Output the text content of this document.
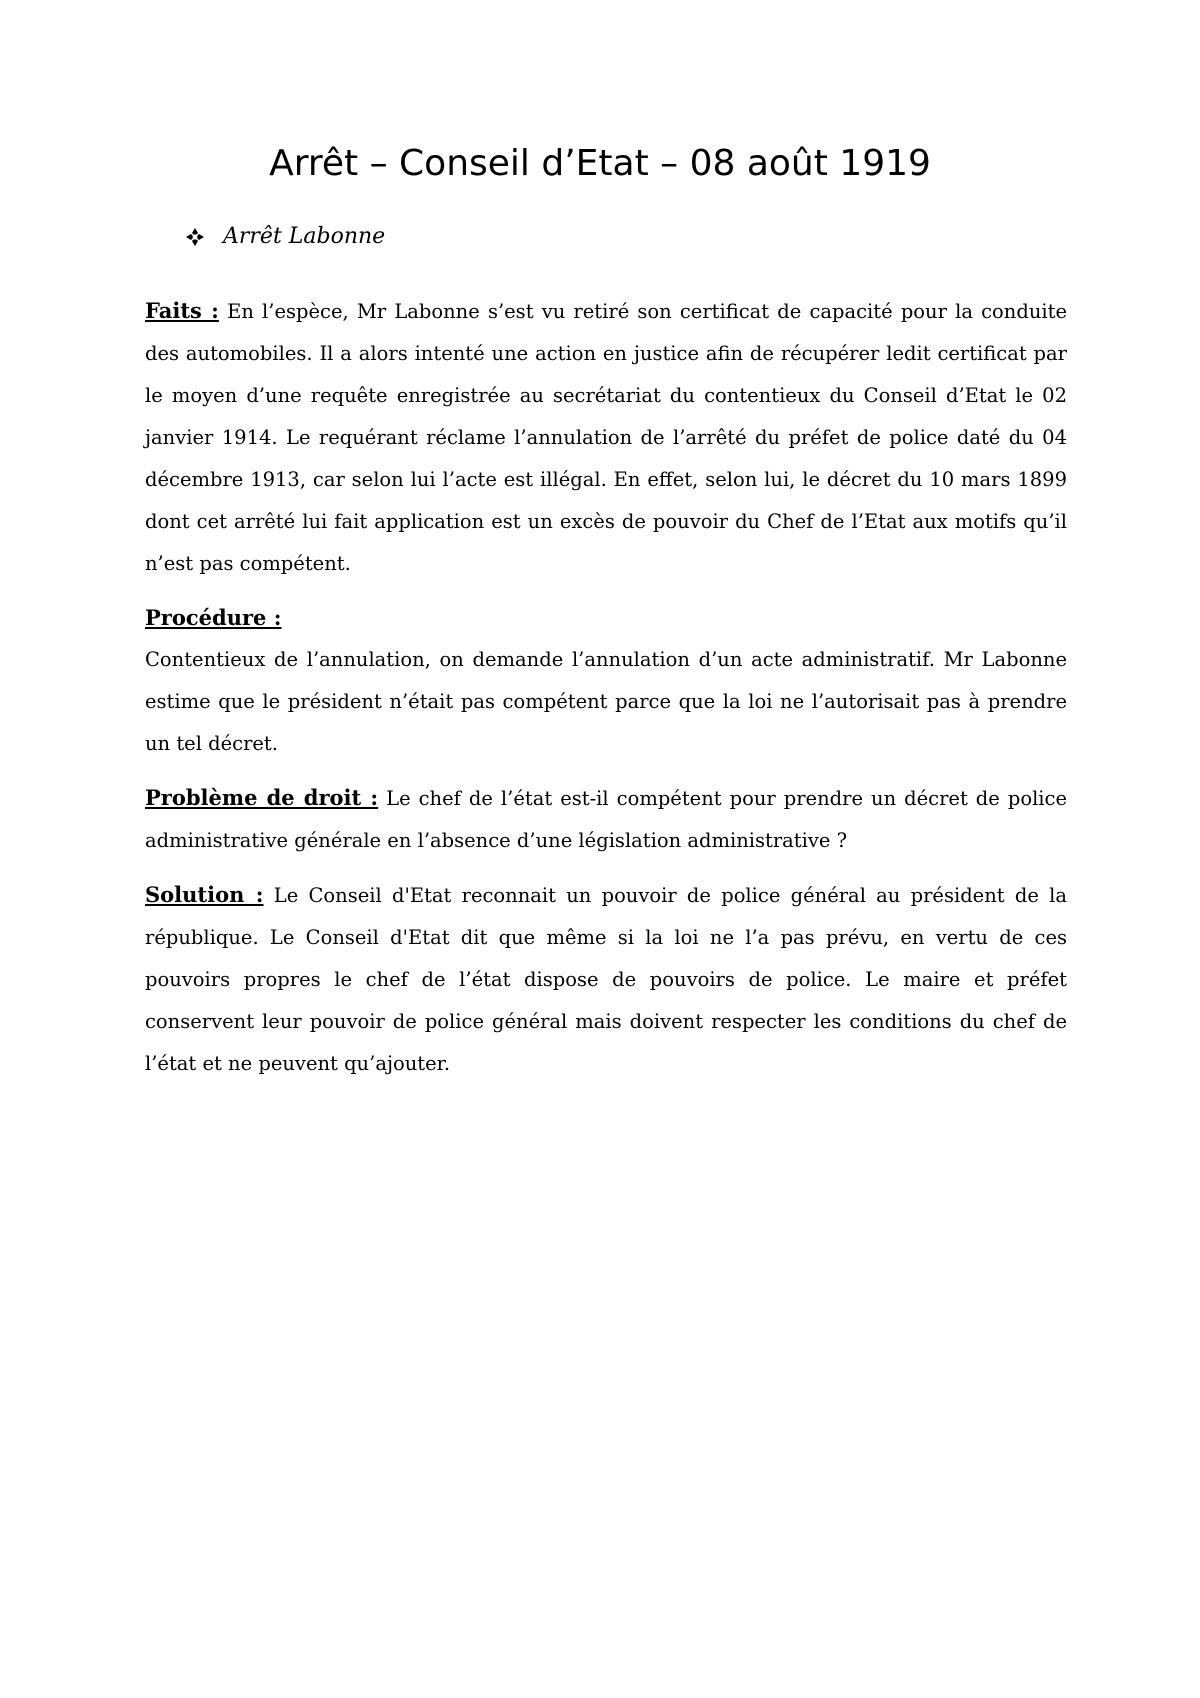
Arrêt – Conseil d’Etat – 08 août 1919
Arrêt Labonne

Faits : En l’espèce, Mr Labonne s’est vu retiré son certificat de capacité pour la conduite des automobiles. Il a alors intenté une action en justice afin de récupérer ledit certificat par le moyen d’une requête enregistrée au secrétariat du contentieux du Conseil d’Etat le 02 janvier 1914. Le requérant réclame l’annulation de l’arrêté du préfet de police daté du 04 décembre 1913, car selon lui l’acte est illégal. En effet, selon lui, le décret du 10 mars 1899 dont cet arrêté lui fait application est un excès de pouvoir du Chef de l’Etat aux motifs qu’il n’est pas compétent.

Procédure :
Contentieux de l’annulation, on demande l’annulation d’un acte administratif. Mr Labonne estime que le président n’était pas compétent parce que la loi ne l’autorisait pas à prendre un tel décret.

Problème de droit : Le chef de l’état est-il compétent pour prendre un décret de police administrative générale en l’absence d’une législation administrative ?

Solution : Le Conseil d'Etat reconnait un pouvoir de police général au président de la république. Le Conseil d'Etat dit que même si la loi ne l’a pas prévu, en vertu de ces pouvoirs propres le chef de l’état dispose de pouvoirs de police. Le maire et préfet conservent leur pouvoir de police général mais doivent respecter les conditions du chef de l’état et ne peuvent qu’ajouter.
